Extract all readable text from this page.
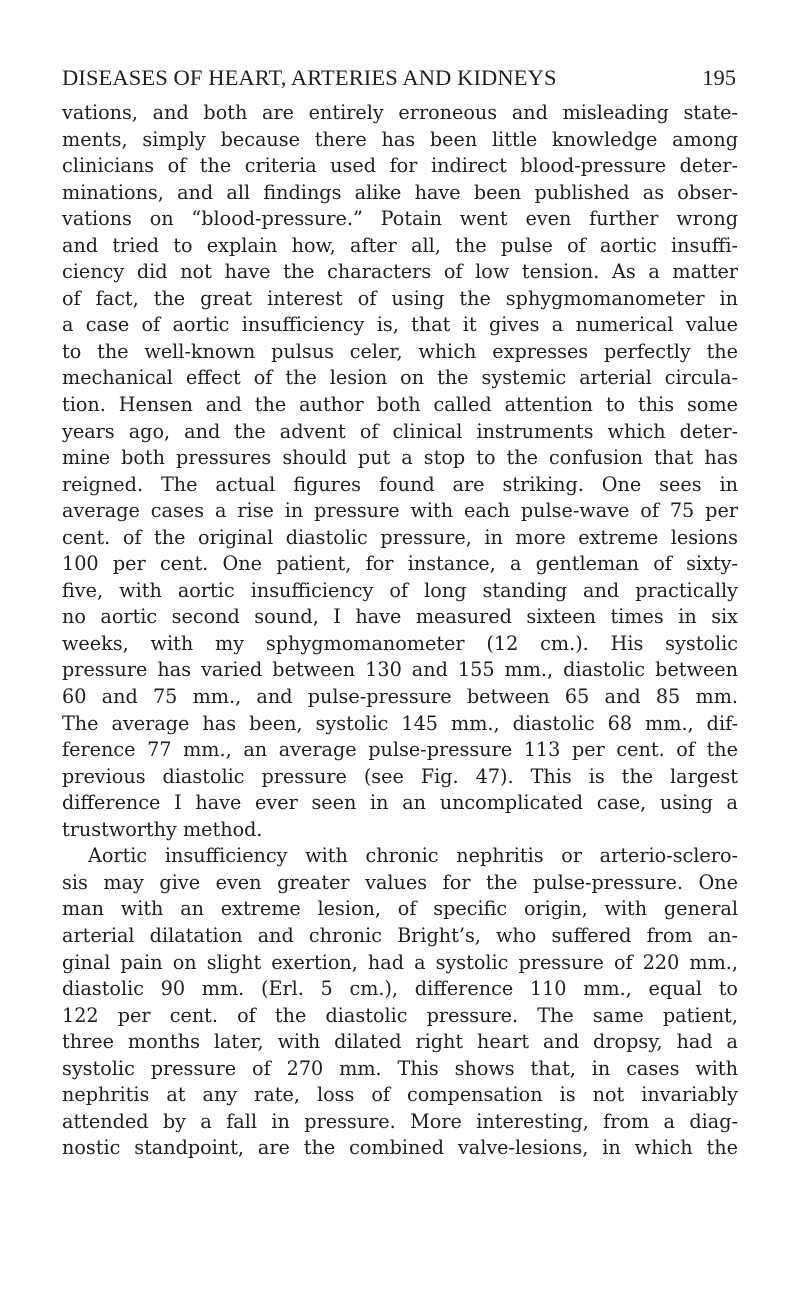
DISEASES OF HEART, ARTERIES AND KIDNEYS	195
vations, and both are entirely erroneous and misleading state-
ments, simply because there has been little knowledge among
clinicians of the criteria used for indirect blood-pressure deter-
minations, and all findings alike have been published as obser-
vations on “blood-pressure.” Potain went even further wrong
and tried to explain how, after all, the pulse of aortic insuffi-
ciency did not have the characters of low tension. As a matter
of fact, the great interest of using the sphygmomanometer in
a case of aortic insufficiency is, that it gives a numerical value
to the well-known pulsus celer, which expresses perfectly the
mechanical effect of the lesion on the systemic arterial circula-
tion. Hensen and the author both called attention to this some
years ago, and the advent of clinical instruments which deter-
mine both pressures should put a stop to the confusion that has
reigned. The actual figures found are striking. One sees in
average cases a rise in pressure with each pulse-wave of 75 per
cent. of the original diastolic pressure, in more extreme lesions
100 per cent. One patient, for instance, a gentleman of sixty-
five, with aortic insufficiency of long standing and practically
no aortic second sound, I have measured sixteen times in six
weeks, with my sphygmomanometer (12 cm.). His systolic
pressure has varied between 130 and 155 mm., diastolic between
60 and 75 mm., and pulse-pressure between 65 and 85 mm.
The average has been, systolic 145 mm., diastolic 68 mm., dif-
ference 77 mm., an average pulse-pressure 113 per cent. of the
previous diastolic pressure (see Fig. 47). This is the largest
difference I have ever seen in an uncomplicated case, using a
trustworthy method.
Aortic insufficiency with chronic nephritis or arterio-sclero-
sis may give even greater values for the pulse-pressure. One
man with an extreme lesion, of specific origin, with general
arterial dilatation and chronic Bright’s, who suffered from an-
ginal pain on slight exertion, had a systolic pressure of 220 mm.,
diastolic 90 mm. (Erl. 5 cm.), difference 110 mm., equal to
122 per cent. of the diastolic pressure. The same patient,
three months later, with dilated right heart and dropsy, had a
systolic pressure of 270 mm. This shows that, in cases with
nephritis at any rate, loss of compensation is not invariably
attended by a fall in pressure. More interesting, from a diag-
nostic standpoint, are the combined valve-lesions, in which the
